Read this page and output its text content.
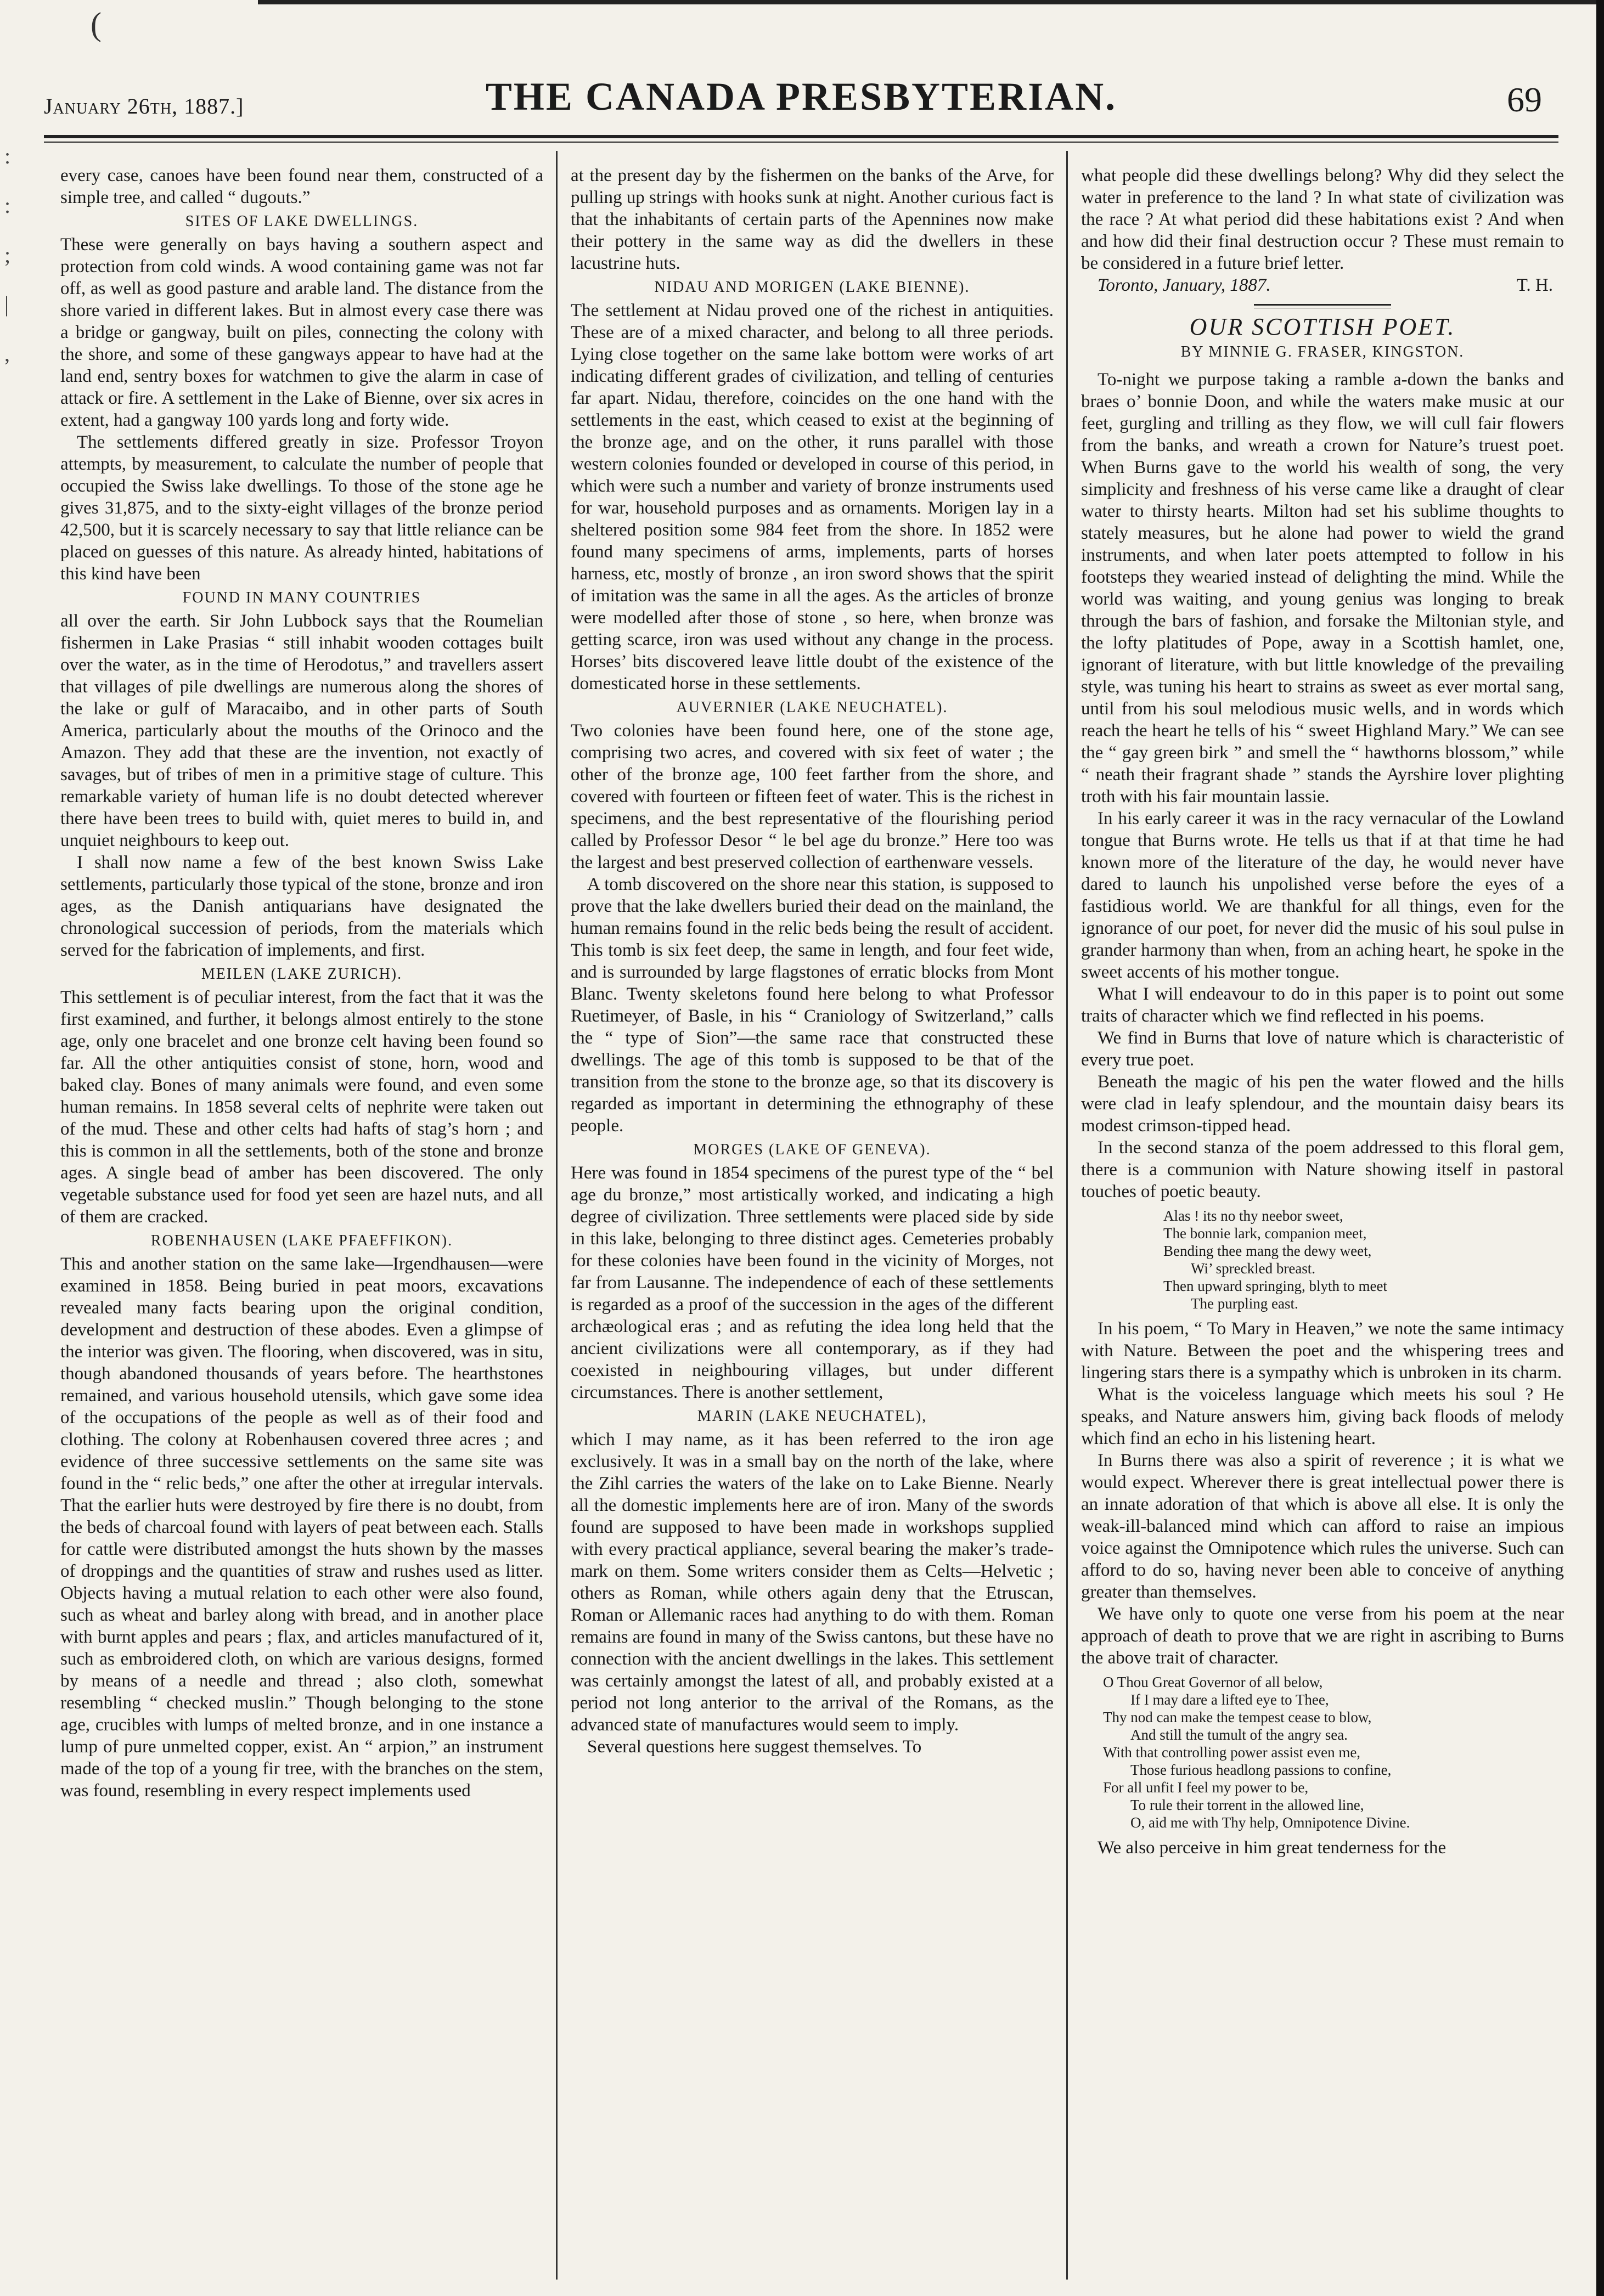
(
:
:
;
|
,
January 26th, 1887.]	THE CANADA PRESBYTERIAN.	69

every case, canoes have been found near them, constructed of a simple tree, and called “ dugouts.”

SITES OF LAKE DWELLINGS.

These were generally on bays having a southern aspect and protection from cold winds. A wood containing game was not far off, as well as good pasture and arable land. The distance from the shore varied in different lakes. But in almost every case there was a bridge or gangway, built on piles, connecting the colony with the shore, and some of these gangways appear to have had at the land end, sentry boxes for watchmen to give the alarm in case of attack or fire. A settlement in the Lake of Bienne, over six acres in extent, had a gangway 100 yards long and forty wide.

The settlements differed greatly in size. Professor Troyon attempts, by measurement, to calculate the number of people that occupied the Swiss lake dwellings. To those of the stone age he gives 31,875, and to the sixty-eight villages of the bronze period 42,500, but it is scarcely necessary to say that little reliance can be placed on guesses of this nature. As already hinted, habitations of this kind have been

FOUND IN MANY COUNTRIES

all over the earth. Sir John Lubbock says that the Roumelian fishermen in Lake Prasias “ still inhabit wooden cottages built over the water, as in the time of Herodotus,” and travellers assert that villages of pile dwellings are numerous along the shores of the lake or gulf of Maracaibo, and in other parts of South America, particularly about the mouths of the Orinoco and the Amazon. They add that these are the invention, not exactly of savages, but of tribes of men in a primitive stage of culture. This remarkable variety of human life is no doubt detected wherever there have been trees to build with, quiet meres to build in, and unquiet neighbours to keep out.

I shall now name a few of the best known Swiss Lake settlements, particularly those typical of the stone, bronze and iron ages, as the Danish antiquarians have designated the chronological succession of periods, from the materials which served for the fabrication of implements, and first.

MEILEN (LAKE ZURICH).

This settlement is of peculiar interest, from the fact that it was the first examined, and further, it belongs almost entirely to the stone age, only one bracelet and one bronze celt having been found so far. All the other antiquities consist of stone, horn, wood and baked clay. Bones of many animals were found, and even some human remains. In 1858 several celts of nephrite were taken out of the mud. These and other celts had hafts of stag’s horn ; and this is common in all the settlements, both of the stone and bronze ages. A single bead of amber has been discovered. The only vegetable substance used for food yet seen are hazel nuts, and all of them are cracked.

ROBENHAUSEN (LAKE PFAEFFIKON).

This and another station on the same lake—Irgendhausen—were examined in 1858. Being buried in peat moors, excavations revealed many facts bearing upon the original condition, development and destruction of these abodes. Even a glimpse of the interior was given. The flooring, when discovered, was in situ, though abandoned thousands of years before. The hearthstones remained, and various household utensils, which gave some idea of the occupations of the people as well as of their food and clothing. The colony at Robenhausen covered three acres ; and evidence of three successive settlements on the same site was found in the “ relic beds,” one after the other at irregular intervals. That the earlier huts were destroyed by fire there is no doubt, from the beds of charcoal found with layers of peat between each. Stalls for cattle were distributed amongst the huts shown by the masses of droppings and the quantities of straw and rushes used as litter. Objects having a mutual relation to each other were also found, such as wheat and barley along with bread, and in another place with burnt apples and pears ; flax, and articles manufactured of it, such as embroidered cloth, on which are various designs, formed by means of a needle and thread ; also cloth, somewhat resembling “ checked muslin.” Though belonging to the stone age, crucibles with lumps of melted bronze, and in one instance a lump of pure unmelted copper, exist. An “ arpion,” an instrument made of the top of a young fir tree, with the branches on the stem, was found, resembling in every respect implements used

at the present day by the fishermen on the banks of the Arve, for pulling up strings with hooks sunk at night. Another curious fact is that the inhabitants of certain parts of the Apennines now make their pottery in the same way as did the dwellers in these lacustrine huts.

NIDAU AND MORIGEN (LAKE BIENNE).

The settlement at Nidau proved one of the richest in antiquities. These are of a mixed character, and belong to all three periods. Lying close together on the same lake bottom were works of art indicating different grades of civilization, and telling of centuries far apart. Nidau, therefore, coincides on the one hand with the settlements in the east, which ceased to exist at the beginning of the bronze age, and on the other, it runs parallel with those western colonies founded or developed in course of this period, in which were such a number and variety of bronze instruments used for war, household purposes and as ornaments. Morigen lay in a sheltered position some 984 feet from the shore. In 1852 were found many specimens of arms, implements, parts of horses harness, etc, mostly of bronze , an iron sword shows that the spirit of imitation was the same in all the ages. As the articles of bronze were modelled after those of stone , so here, when bronze was getting scarce, iron was used without any change in the process. Horses’ bits discovered leave little doubt of the existence of the domesticated horse in these settlements.

AUVERNIER (LAKE NEUCHATEL).

Two colonies have been found here, one of the stone age, comprising two acres, and covered with six feet of water ; the other of the bronze age, 100 feet farther from the shore, and covered with fourteen or fifteen feet of water. This is the richest in specimens, and the best representative of the flourishing period called by Professor Desor “ le bel age du bronze.” Here too was the largest and best preserved collection of earthenware vessels.

A tomb discovered on the shore near this station, is supposed to prove that the lake dwellers buried their dead on the mainland, the human remains found in the relic beds being the result of accident. This tomb is six feet deep, the same in length, and four feet wide, and is surrounded by large flagstones of erratic blocks from Mont Blanc. Twenty skeletons found here belong to what Professor Ruetimeyer, of Basle, in his “ Craniology of Switzerland,” calls the “ type of Sion”—the same race that constructed these dwellings. The age of this tomb is supposed to be that of the transition from the stone to the bronze age, so that its discovery is regarded as important in determining the ethnography of these people.

MORGES (LAKE OF GENEVA).

Here was found in 1854 specimens of the purest type of the “ bel age du bronze,” most artistically worked, and indicating a high degree of civilization. Three settlements were placed side by side in this lake, belonging to three distinct ages. Cemeteries probably for these colonies have been found in the vicinity of Morges, not far from Lausanne. The independence of each of these settlements is regarded as a proof of the succession in the ages of the different archæological eras ; and as refuting the idea long held that the ancient civilizations were all contemporary, as if they had coexisted in neighbouring villages, but under different circumstances. There is another settlement,

MARIN (LAKE NEUCHATEL),

which I may name, as it has been referred to the iron age exclusively. It was in a small bay on the north of the lake, where the Zihl carries the waters of the lake on to Lake Bienne. Nearly all the domestic implements here are of iron. Many of the swords found are supposed to have been made in workshops supplied with every practical appliance, several bearing the maker’s trade-mark on them. Some writers consider them as Celts—Helvetic ; others as Roman, while others again deny that the Etruscan, Roman or Allemanic races had anything to do with them. Roman remains are found in many of the Swiss cantons, but these have no connection with the ancient dwellings in the lakes. This settlement was certainly amongst the latest of all, and probably existed at a period not long anterior to the arrival of the Romans, as the advanced state of manufactures would seem to imply.

Several questions here suggest themselves. To

what people did these dwellings belong? Why did they select the water in preference to the land ? In what state of civilization was the race ? At what period did these habitations exist ? And when and how did their final destruction occur ? These must remain to be considered in a future brief letter.

Toronto, January, 1887.	T. H.
OUR SCOTTISH POET.
BY MINNIE G. FRASER, KINGSTON.

To-night we purpose taking a ramble a-down the banks and braes o’ bonnie Doon, and while the waters make music at our feet, gurgling and trilling as they flow, we will cull fair flowers from the banks, and wreath a crown for Nature’s truest poet. When Burns gave to the world his wealth of song, the very simplicity and freshness of his verse came like a draught of clear water to thirsty hearts. Milton had set his sublime thoughts to stately measures, but he alone had power to wield the grand instruments, and when later poets attempted to follow in his footsteps they wearied instead of delighting the mind. While the world was waiting, and young genius was longing to break through the bars of fashion, and forsake the Miltonian style, and the lofty platitudes of Pope, away in a Scottish hamlet, one, ignorant of literature, with but little knowledge of the prevailing style, was tuning his heart to strains as sweet as ever mortal sang, until from his soul melodious music wells, and in words which reach the heart he tells of his “ sweet Highland Mary.” We can see the “ gay green birk ” and smell the “ hawthorns blossom,” while “ neath their fragrant shade ” stands the Ayrshire lover plighting troth with his fair mountain lassie.

In his early career it was in the racy vernacular of the Lowland tongue that Burns wrote. He tells us that if at that time he had known more of the literature of the day, he would never have dared to launch his unpolished verse before the eyes of a fastidious world. We are thankful for all things, even for the ignorance of our poet, for never did the music of his soul pulse in grander harmony than when, from an aching heart, he spoke in the sweet accents of his mother tongue.

What I will endeavour to do in this paper is to point out some traits of character which we find reflected in his poems.

We find in Burns that love of nature which is characteristic of every true poet.

Beneath the magic of his pen the water flowed and the hills were clad in leafy splendour, and the mountain daisy bears its modest crimson-tipped head.

In the second stanza of the poem addressed to this floral gem, there is a communion with Nature showing itself in pastoral touches of poetic beauty.

Alas ! its no thy neebor sweet,
The bonnie lark, companion meet,
Bending thee mang the dewy weet,
Wi’ spreckled breast.
Then upward springing, blyth to meet
The purpling east.

In his poem, “ To Mary in Heaven,” we note the same intimacy with Nature. Between the poet and the whispering trees and lingering stars there is a sympathy which is unbroken in its charm.

What is the voiceless language which meets his soul ? He speaks, and Nature answers him, giving back floods of melody which find an echo in his listening heart.

In Burns there was also a spirit of reverence ; it is what we would expect. Wherever there is great intellectual power there is an innate adoration of that which is above all else. It is only the weak-ill-balanced mind which can afford to raise an impious voice against the Omnipotence which rules the universe. Such can afford to do so, having never been able to conceive of anything greater than themselves.

We have only to quote one verse from his poem at the near approach of death to prove that we are right in ascribing to Burns the above trait of character.

O Thou Great Governor of all below,
If I may dare a lifted eye to Thee,
Thy nod can make the tempest cease to blow,
And still the tumult of the angry sea.
With that controlling power assist even me,
Those furious headlong passions to confine,
For all unfit I feel my power to be,
To rule their torrent in the allowed line,
O, aid me with Thy help, Omnipotence Divine.

We also perceive in him great tenderness for the
